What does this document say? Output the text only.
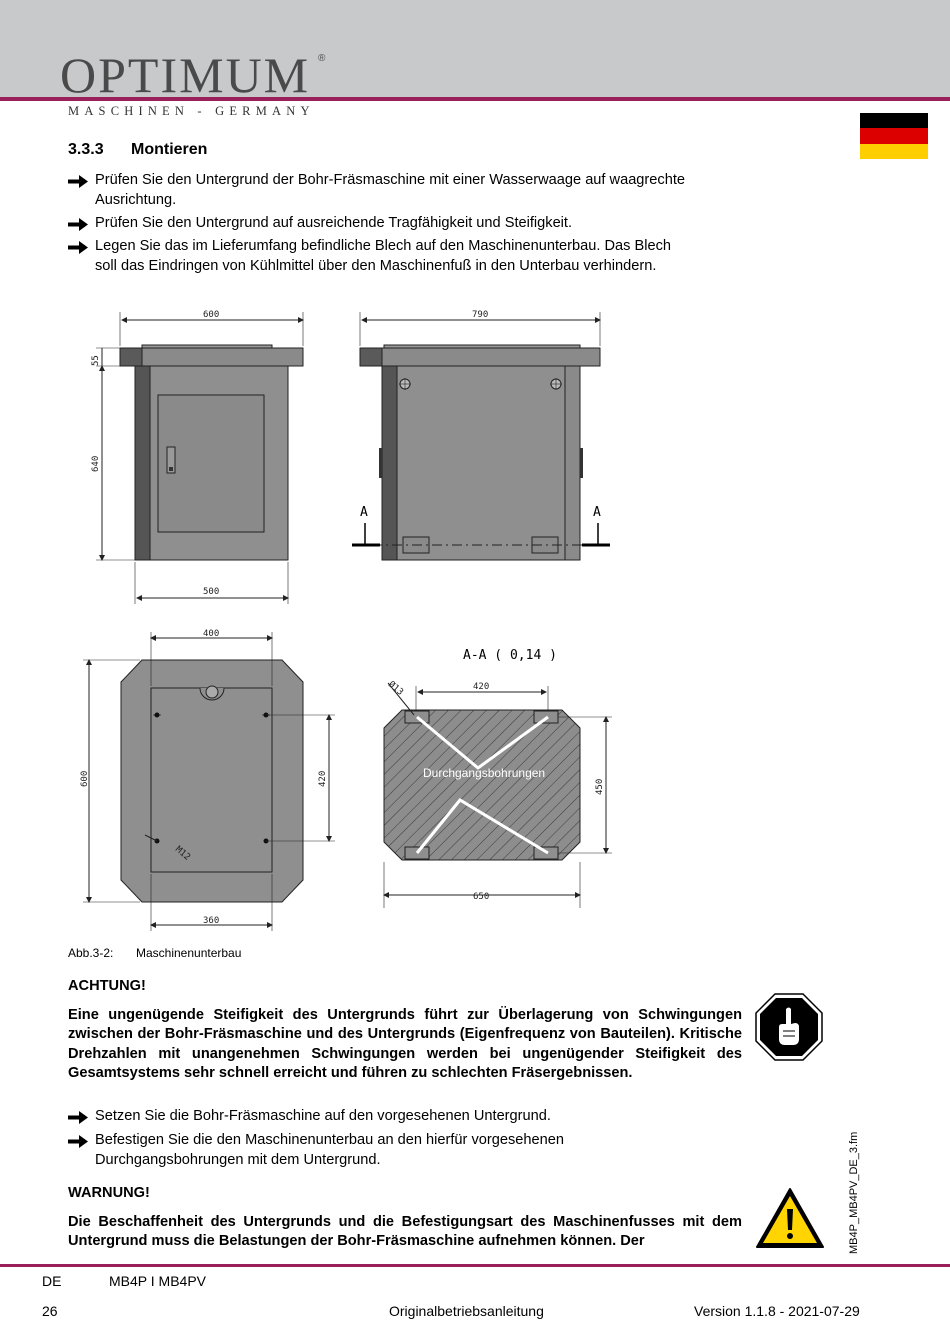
OPTIMUM ®
MASCHINEN - GERMANY
3.3.3 Montieren
Prüfen Sie den Untergrund der Bohr-Fräsmaschine mit einer Wasserwaage auf waagrechte
Ausrichtung.
Prüfen Sie den Untergrund auf ausreichende Tragfähigkeit und Steifigkeit.
Legen Sie das im Lieferumfang befindliche Blech auf den Maschinenunterbau. Das Blech
soll das Eindringen von Kühlmittel über den Maschinenfuß in den Unterbau verhindern.
600
500
55
640
790
A	A
400
600	420
360
M12
A-A ( 0,14 )
Ø13	420
450
650
Durchgangsbohrungen
Abb.3-2: Maschinenunterbau
ACHTUNG!
Eine ungenügende Steifigkeit des Untergrunds führt zur Überlagerung von Schwingungen zwischen der Bohr-Fräsmaschine und des Untergrunds (Eigenfrequenz von Bauteilen). Kritische Drehzahlen mit unangenehmen Schwingungen werden bei ungenügender Steifigkeit des Gesamtsystems sehr schnell erreicht und führen zu schlechten Fräsergebnissen.
Setzen Sie die Bohr-Fräsmaschine auf den vorgesehenen Untergrund.
Befestigen Sie die den Maschinenunterbau an den hierfür vorgesehenen
Durchgangsbohrungen mit dem Untergrund.
WARNUNG!
Die Beschaffenheit des Untergrunds und die Befestigungsart des Maschinenfusses mit dem Untergrund muss die Belastungen der Bohr-Fräsmaschine aufnehmen können. Der	MB4P_MB4PV_DE_3.fm
DE	MB4P I MB4PV
26	Originalbetriebsanleitung	Version 1.1.8 - 2021-07-29
